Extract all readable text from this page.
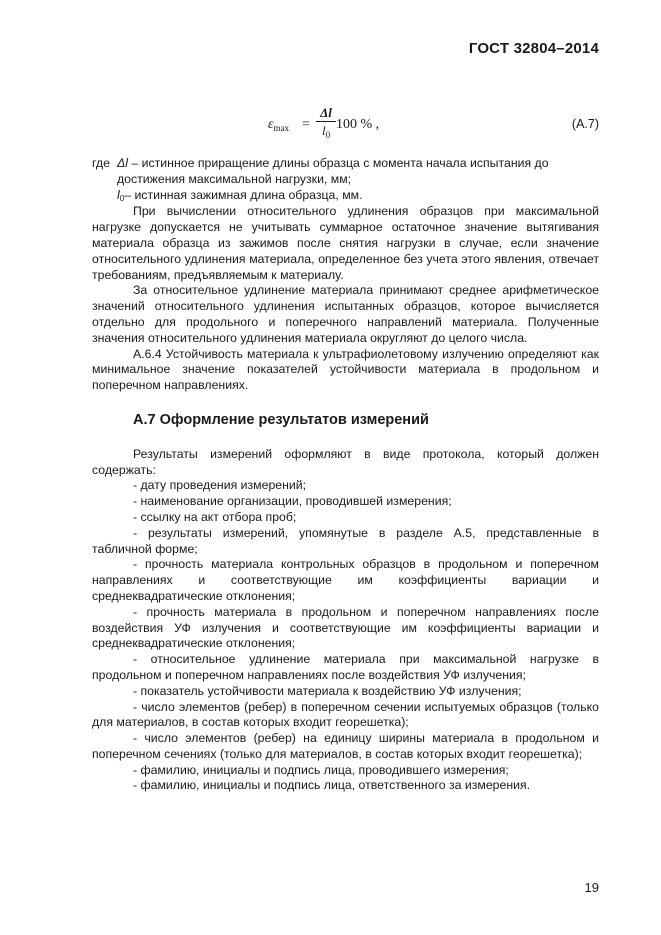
ГОСТ 32804–2014
$\varepsilon_{max}$ =
Δl
$l_0$
100 % ,	(A.7)
где Δl – истинное приращение длины образца с момента начала испытания до

достижения максимальной нагрузки, мм;

l0– истинная зажимная длина образца, мм.

При вычислении относительного удлинения образцов при максимальной нагрузке допускается не учитывать суммарное остаточное значение вытягивания материала образца из зажимов после снятия нагрузки в случае, если значение относительного удлинения материала, определенное без учета этого явления, отвечает требованиям, предъявляемым к материалу.

За относительное удлинение материала принимают среднее арифметическое значений относительного удлинения испытанных образцов, которое вычисляется отдельно для продольного и поперечного направлений материала. Полученные значения относительного удлинения материала округляют до целого числа.

А.6.4 Устойчивость материала к ультрафиолетовому излучению определяют как минимальное значение показателей устойчивости материала в продольном и поперечном направлениях.

А.7 Оформление результатов измерений

Результаты измерений оформляют в виде протокола, который должен содержать:

- дату проведения измерений;

- наименование организации, проводившей измерения;

- ссылку на акт отбора проб;

- результаты измерений, упомянутые в разделе А.5, представленные в табличной форме;

- прочность материала контрольных образцов в продольном и поперечном направлениях и соответствующие им коэффициенты вариации и среднеквадратические отклонения;

- прочность материала в продольном и поперечном направлениях после воздействия УФ излучения и соответствующие им коэффициенты вариации и среднеквадратические отклонения;

- относительное удлинение материала при максимальной нагрузке в продольном и поперечном направлениях после воздействия УФ излучения;

- показатель устойчивости материала к воздействию УФ излучения;

- число элементов (ребер) в поперечном сечении испытуемых образцов (только для материалов, в состав которых входит георешетка);

- число элементов (ребер) на единицу ширины материала в продольном и поперечном сечениях (только для материалов, в состав которых входит георешетка);

- фамилию, инициалы и подпись лица, проводившего измерения;

- фамилию, инициалы и подпись лица, ответственного за измерения.

19
